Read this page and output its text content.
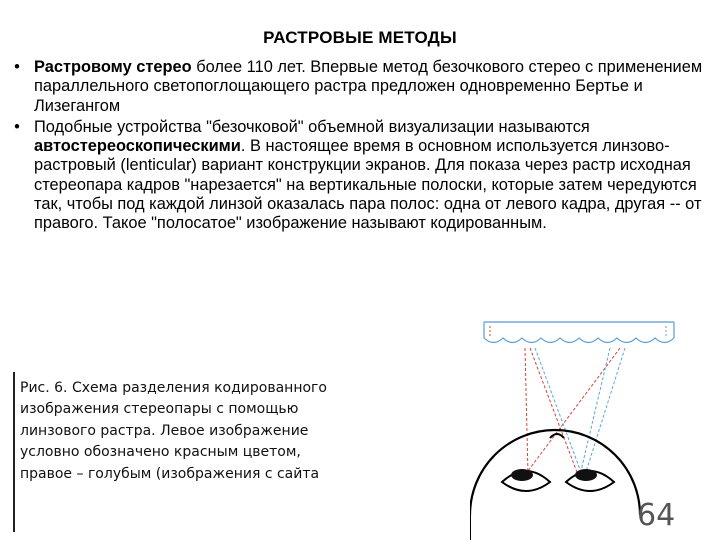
РАСТРОВЫЕ МЕТОДЫ
• Растровому стерео более 110 лет. Впервые метод безочкового стерео с применением параллельного светопоглощающего растра предложен одновременно Бертье и Лизегангом
• Подобные устройства "безочковой" объемной визуализации называются автостереоскопическими. В настоящее время в основном используется линзово-растровый (lenticular) вариант конструкции экранов. Для показа через растр исходная стереопара кадров "нарезается" на вертикальные полоски, которые затем чередуются так, чтобы под каждой линзой оказалась пара полос: одна от левого кадра, другая -- от правого. Такое "полосатое" изображение называют кодированным.
Рис. 6. Схема разделения кодированного
изображения стереопары с помощью
линзового растра. Левое изображение
условно обозначено красным цветом,
правое – голубым (изображения с сайта
64
